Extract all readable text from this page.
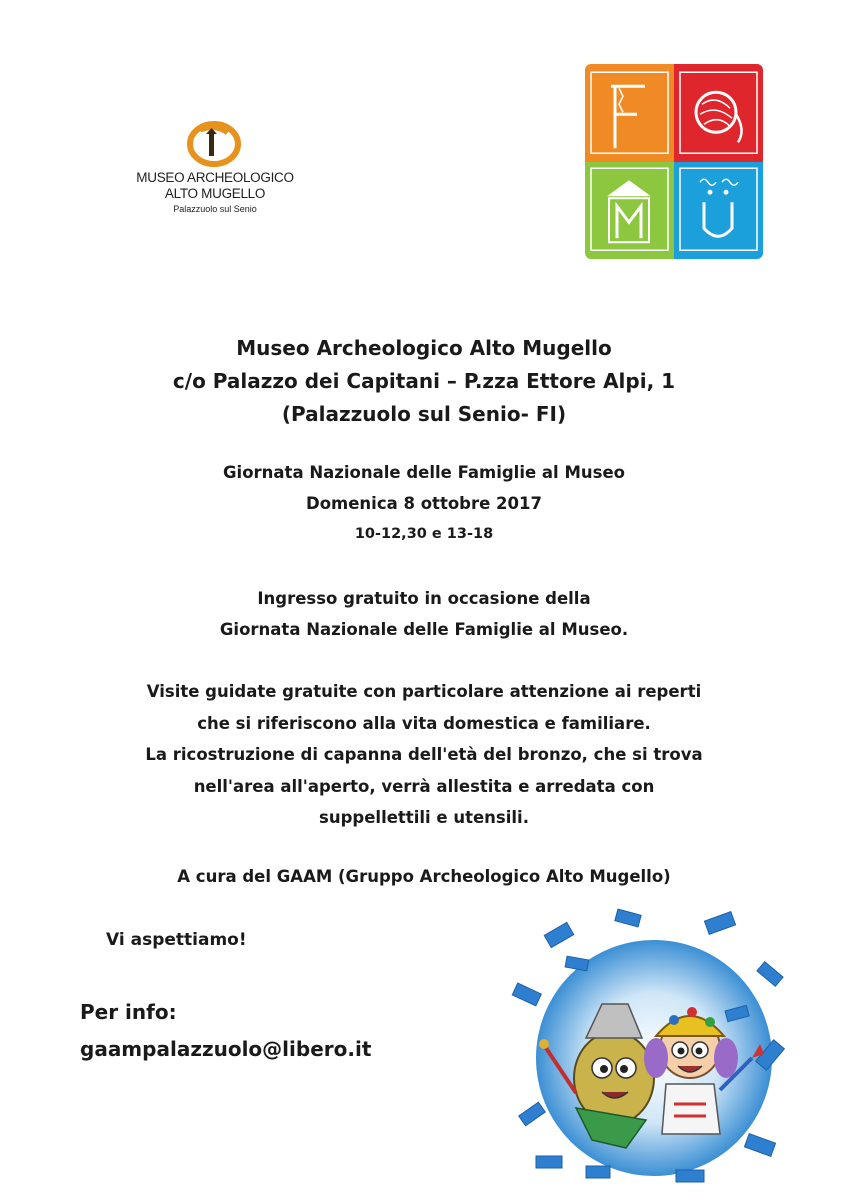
MUSEO ARCHEOLOGICO
ALTO MUGELLO
Palazzuolo sul Senio

Museo Archeologico Alto Mugello

c/o Palazzo dei Capitani – P.zza Ettore Alpi, 1

(Palazzuolo sul Senio- FI)

Giornata Nazionale delle Famiglie al Museo

Domenica 8 ottobre 2017

10-12,30 e 13-18

Ingresso gratuito in occasione della

Giornata Nazionale delle Famiglie al Museo.

Visite guidate gratuite con particolare attenzione ai reperti

che si riferiscono alla vita domestica e familiare.

La ricostruzione di capanna dell'età del bronzo, che si trova

nell'area all'aperto, verrà allestita e arredata con

suppellettili e utensili.

A cura del GAAM (Gruppo Archeologico Alto Mugello)

Vi aspettiamo!
Per info:
gaampalazzuolo@libero.it
